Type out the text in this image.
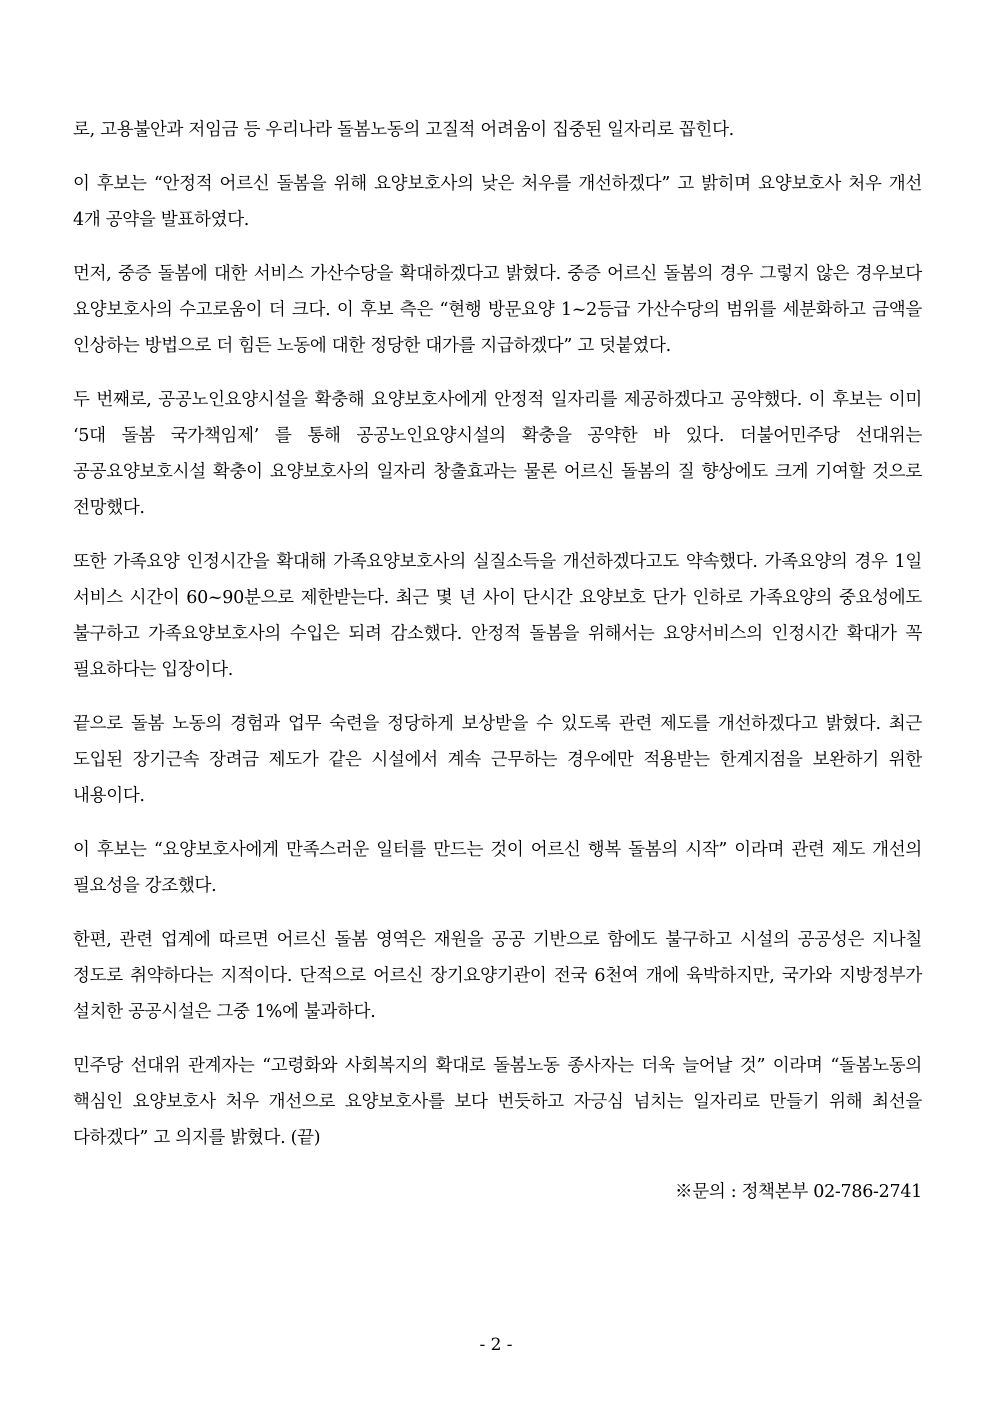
로, 고용불안과 저임금 등 우리나라 돌봄노동의 고질적 어려움이 집중된 일자리로 꼽힌다.

이 후보는 “안정적 어르신 돌봄을 위해 요양보호사의 낮은 처우를 개선하겠다” 고 밝히며 요양보호사 처우 개선 4개 공약을 발표하였다.

먼저, 중증 돌봄에 대한 서비스 가산수당을 확대하겠다고 밝혔다. 중증 어르신 돌봄의 경우 그렇지 않은 경우보다 요양보호사의 수고로움이 더 크다. 이 후보 측은 “현행 방문요양 1~2등급 가산수당의 범위를 세분화하고 금액을 인상하는 방법으로 더 힘든 노동에 대한 정당한 대가를 지급하겠다” 고 덧붙였다.

두 번째로, 공공노인요양시설을 확충해 요양보호사에게 안정적 일자리를 제공하겠다고 공약했다. 이 후보는 이미 ‘5대 돌봄 국가책임제’ 를 통해 공공노인요양시설의 확충을 공약한 바 있다. 더불어민주당 선대위는 공공요양보호시설 확충이 요양보호사의 일자리 창출효과는 물론 어르신 돌봄의 질 향상에도 크게 기여할 것으로 전망했다.

또한 가족요양 인정시간을 확대해 가족요양보호사의 실질소득을 개선하겠다고도 약속했다. 가족요양의 경우 1일 서비스 시간이 60~90분으로 제한받는다. 최근 몇 년 사이 단시간 요양보호 단가 인하로 가족요양의 중요성에도 불구하고 가족요양보호사의 수입은 되려 감소했다. 안정적 돌봄을 위해서는 요양서비스의 인정시간 확대가 꼭 필요하다는 입장이다.

끝으로 돌봄 노동의 경험과 업무 숙련을 정당하게 보상받을 수 있도록 관련 제도를 개선하겠다고 밝혔다. 최근 도입된 장기근속 장려금 제도가 같은 시설에서 계속 근무하는 경우에만 적용받는 한계지점을 보완하기 위한 내용이다.

이 후보는 “요양보호사에게 만족스러운 일터를 만드는 것이 어르신 행복 돌봄의 시작” 이라며 관련 제도 개선의 필요성을 강조했다.

한편, 관련 업계에 따르면 어르신 돌봄 영역은 재원을 공공 기반으로 함에도 불구하고 시설의 공공성은 지나칠 정도로 취약하다는 지적이다. 단적으로 어르신 장기요양기관이 전국 6천여 개에 육박하지만, 국가와 지방정부가 설치한 공공시설은 그중 1%에 불과하다.

민주당 선대위 관계자는 “고령화와 사회복지의 확대로 돌봄노동 종사자는 더욱 늘어날 것” 이라며 “돌봄노동의 핵심인 요양보호사 처우 개선으로 요양보호사를 보다 번듯하고 자긍심 넘치는 일자리로 만들기 위해 최선을 다하겠다” 고 의지를 밝혔다. (끝)

※문의 : 정책본부 02-786-2741

- 2 -
